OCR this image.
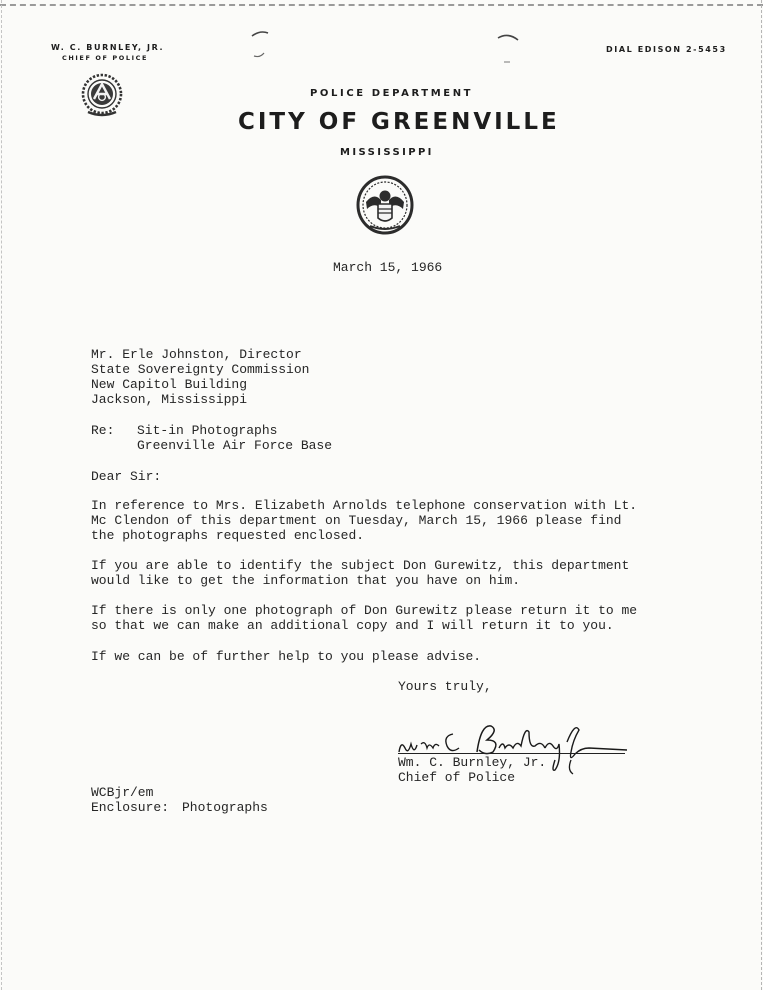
W. C. BURNLEY, JR.
CHIEF OF POLICE
DIAL EDISON 2-5453
POLICE DEPARTMENT
CITY OF GREENVILLE
MISSISSIPPI
March 15, 1966
Mr. Erle Johnston, Director
State Sovereignty Commission
New Capitol Building
Jackson, Mississippi
Re: Sit-in Photographs
Greenville Air Force Base
Dear Sir:
In reference to Mrs. Elizabeth Arnolds telephone conservation with Lt.
Mc Clendon of this department on Tuesday, March 15, 1966 please find
the photographs requested enclosed.
If you are able to identify the subject Don Gurewitz, this department
would like to get the information that you have on him.
If there is only one photograph of Don Gurewitz please return it to me
so that we can make an additional copy and I will return it to you.
If we can be of further help to you please advise.
Yours truly,
Wm. C. Burnley, Jr.
Chief of Police
WCBjr/em
Enclosure: Photographs
